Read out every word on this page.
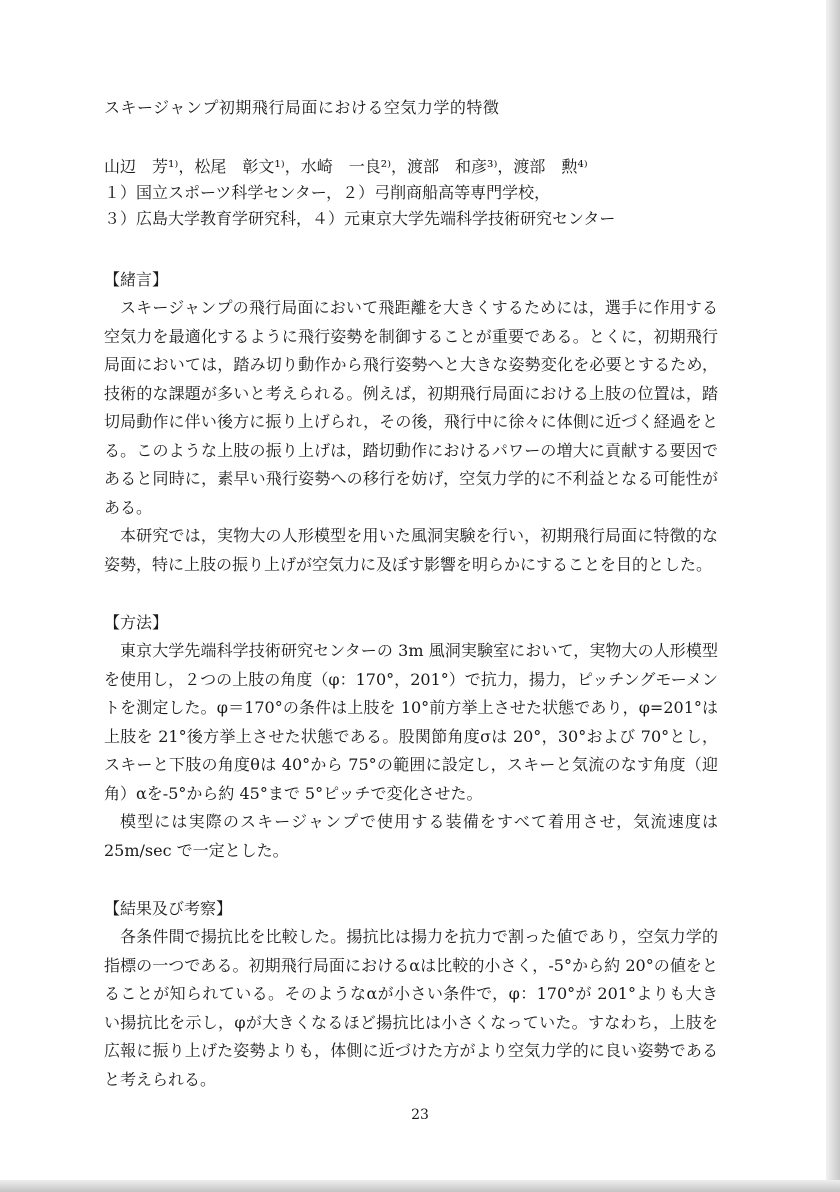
スキージャンプ初期飛行局面における空気力学的特徴

山辺　芳¹⁾，松尾　彰文¹⁾，水崎　一良²⁾，渡部　和彦³⁾，渡部　勲⁴⁾

１）国立スポーツ科学センター，２）弓削商船高等専門学校，

３）広島大学教育学研究科，４）元東京大学先端科学技術研究センター

【緒言】

スキージャンプの飛行局面において飛距離を大きくするためには，選手に作用する空気力を最適化するように飛行姿勢を制御することが重要である。とくに，初期飛行局面においては，踏み切り動作から飛行姿勢へと大きな姿勢変化を必要とするため，技術的な課題が多いと考えられる。例えば，初期飛行局面における上肢の位置は，踏切局動作に伴い後方に振り上げられ，その後，飛行中に徐々に体側に近づく経過をとる。このような上肢の振り上げは，踏切動作におけるパワーの増大に貢献する要因であると同時に，素早い飛行姿勢への移行を妨げ，空気力学的に不利益となる可能性がある。

本研究では，実物大の人形模型を用いた風洞実験を行い，初期飛行局面に特徴的な姿勢，特に上肢の振り上げが空気力に及ぼす影響を明らかにすることを目的とした。

【方法】

東京大学先端科学技術研究センターの 3m 風洞実験室において，実物大の人形模型を使用し，２つの上肢の角度（φ：170°，201°）で抗力，揚力，ピッチングモーメントを測定した。φ＝170°の条件は上肢を 10°前方挙上させた状態であり，φ=201°は上肢を 21°後方挙上させた状態である。股関節角度σは 20°，30°および 70°とし，スキーと下肢の角度θは 40°から 75°の範囲に設定し，スキーと気流のなす角度（迎角）αを-5°から約 45°まで 5°ピッチで変化させた。

模型には実際のスキージャンプで使用する装備をすべて着用させ，気流速度は 25m/sec で一定とした。

【結果及び考察】

各条件間で揚抗比を比較した。揚抗比は揚力を抗力で割った値であり，空気力学的指標の一つである。初期飛行局面におけるαは比較的小さく，-5°から約 20°の値をとることが知られている。そのようなαが小さい条件で，φ：170°が 201°よりも大きい揚抗比を示し，φが大きくなるほど揚抗比は小さくなっていた。すなわち，上肢を広報に振り上げた姿勢よりも，体側に近づけた方がより空気力学的に良い姿勢であると考えられる。

23
